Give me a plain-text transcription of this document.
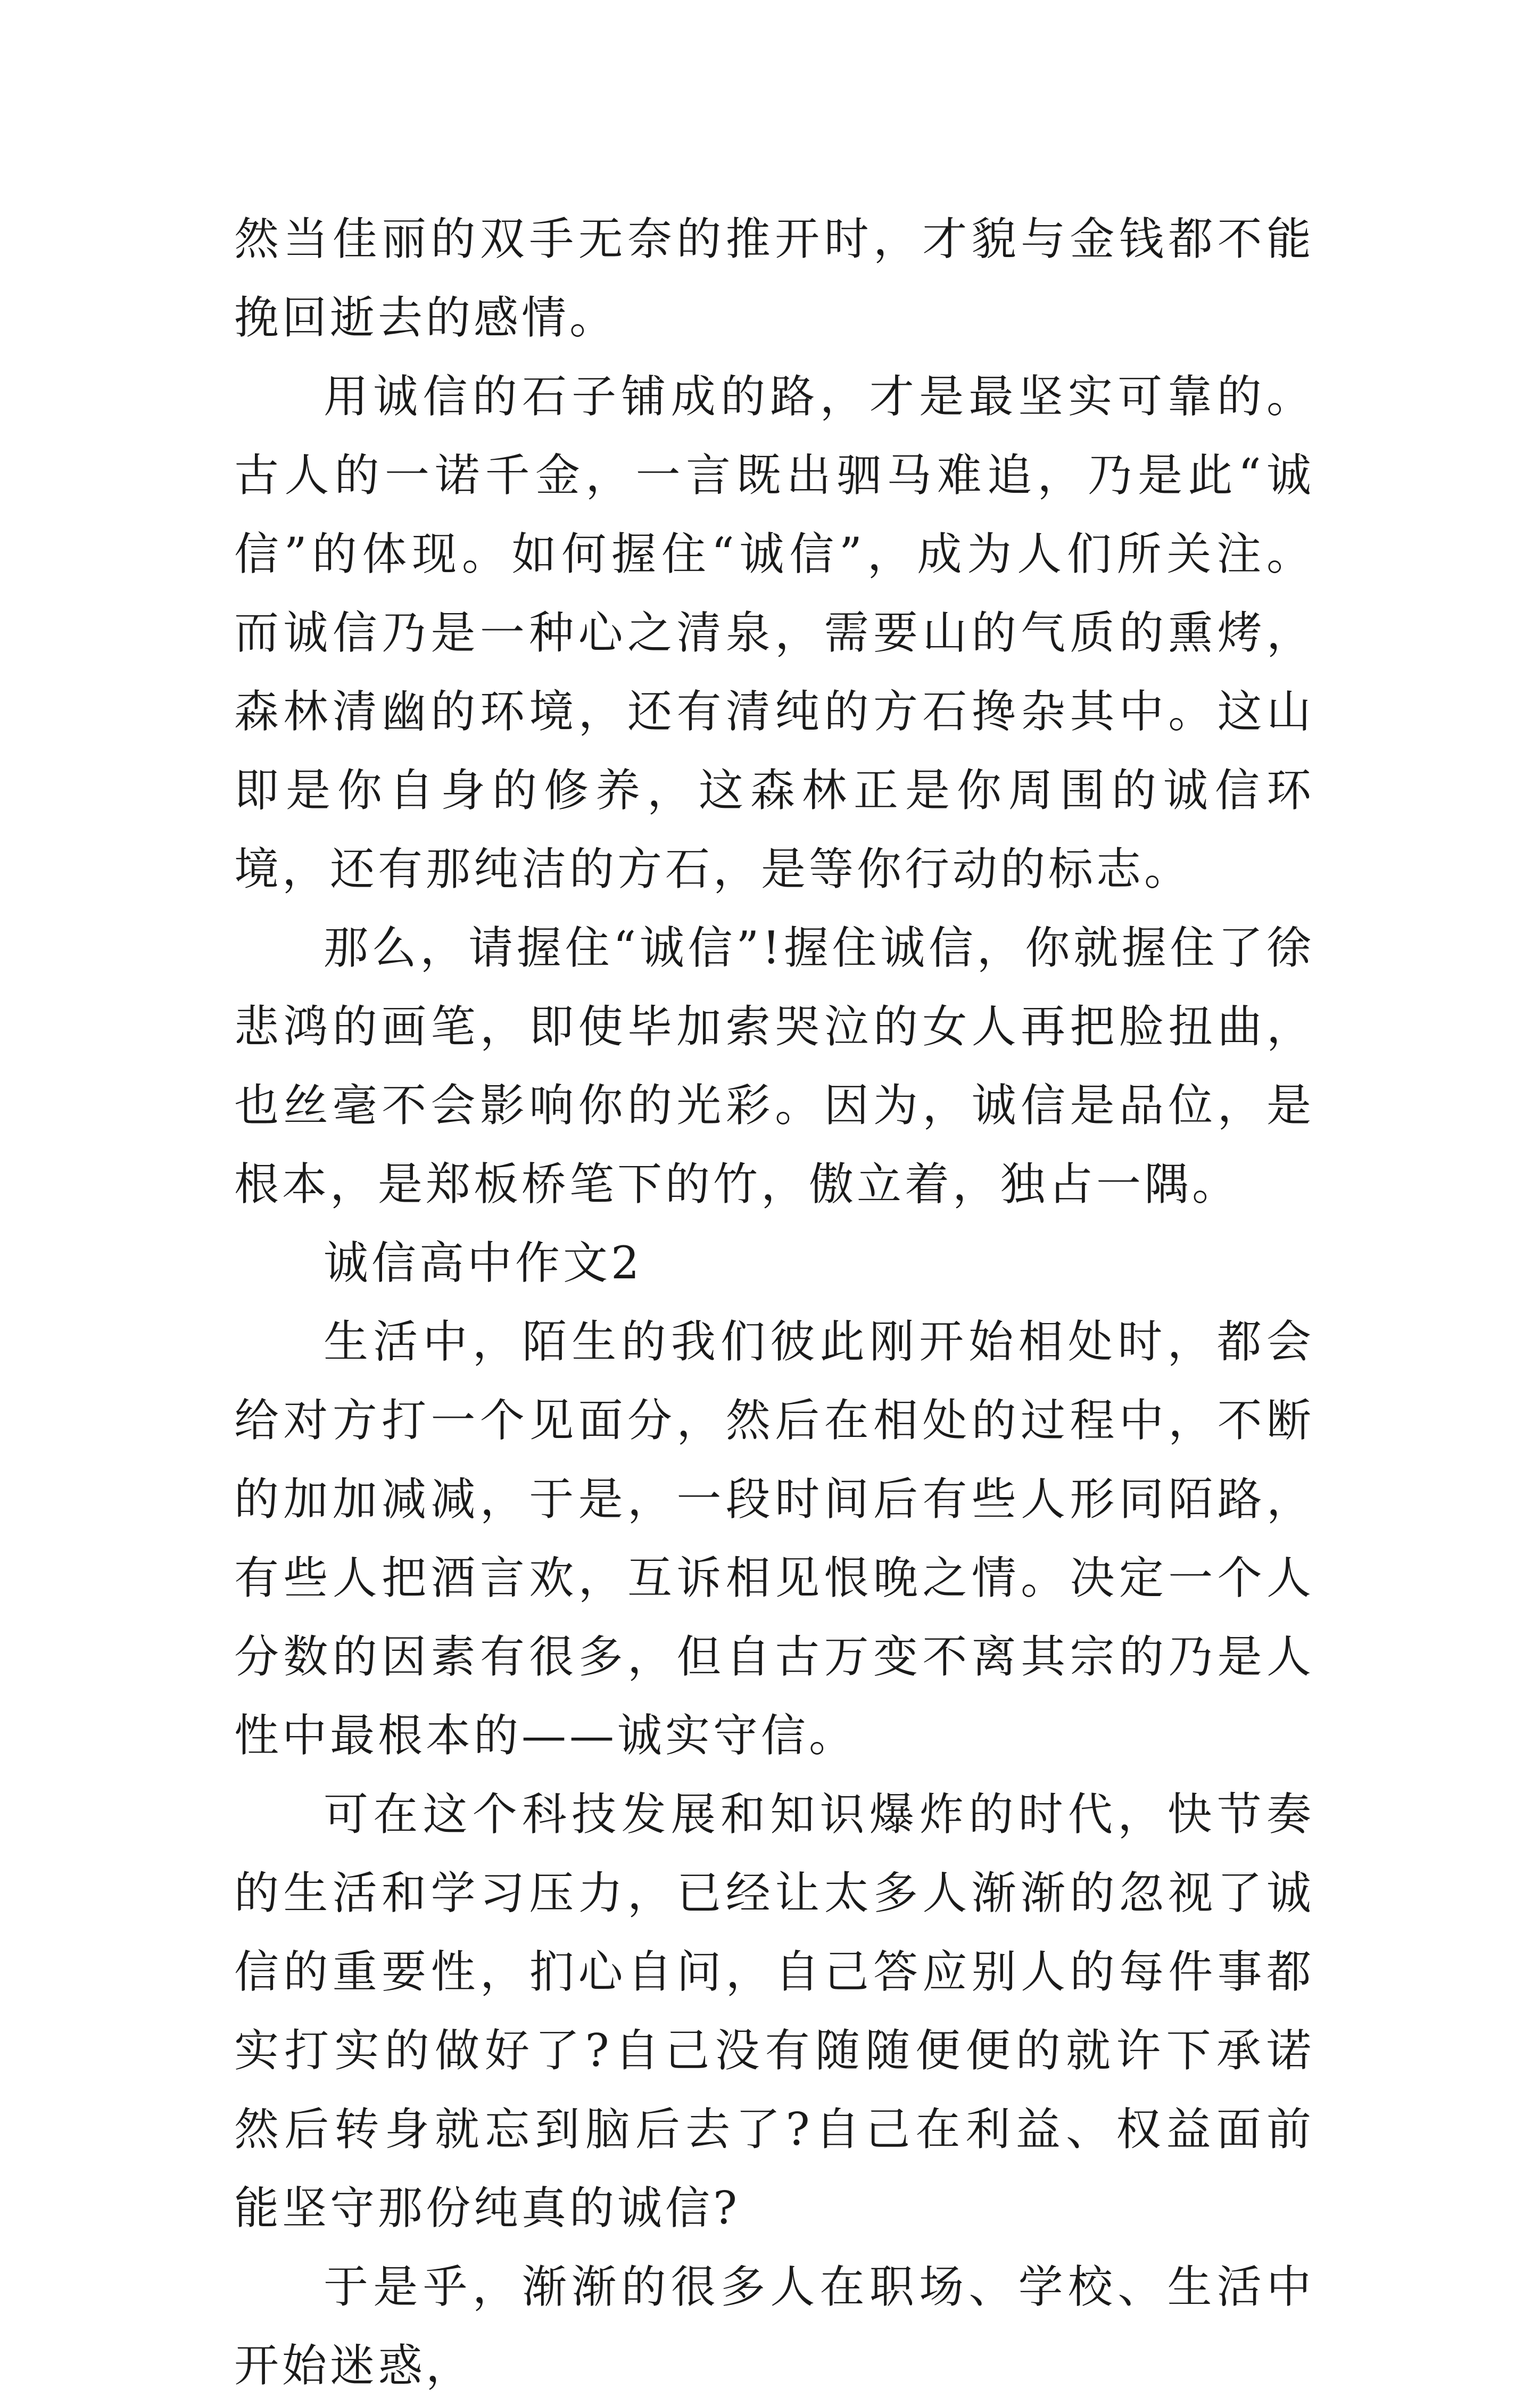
然当佳丽的双手无奈的推开时，才貌与金钱都不能挽回逝去的感情。

用诚信的石子铺成的路，才是最坚实可靠的。古人的一诺千金，一言既出驷马难追，乃是此“诚信”的体现。如何握住“诚信”，成为人们所关注。而诚信乃是一种心之清泉，需要山的气质的熏烤，森林清幽的环境，还有清纯的方石搀杂其中。这山即是你自身的修养，这森林正是你周围的诚信环境，还有那纯洁的方石，是等你行动的标志。

那么，请握住“诚信”!握住诚信，你就握住了徐悲鸿的画笔，即使毕加索哭泣的女人再把脸扭曲，也丝毫不会影响你的光彩。因为，诚信是品位，是根本，是郑板桥笔下的竹，傲立着，独占一隅。

诚信高中作文2

生活中，陌生的我们彼此刚开始相处时，都会给对方打一个见面分，然后在相处的过程中，不断的加加减减，于是，一段时间后有些人形同陌路，有些人把酒言欢，互诉相见恨晚之情。决定一个人分数的因素有很多，但自古万变不离其宗的乃是人性中最根本的——诚实守信。

可在这个科技发展和知识爆炸的时代，快节奏的生活和学习压力，已经让太多人渐渐的忽视了诚信的重要性，扪心自问，自己答应别人的每件事都实打实的做好了?自己没有随随便便的就许下承诺然后转身就忘到脑后去了?自己在利益、权益面前能坚守那份纯真的诚信?

于是乎，渐渐的很多人在职场、学校、生活中开始迷惑，
